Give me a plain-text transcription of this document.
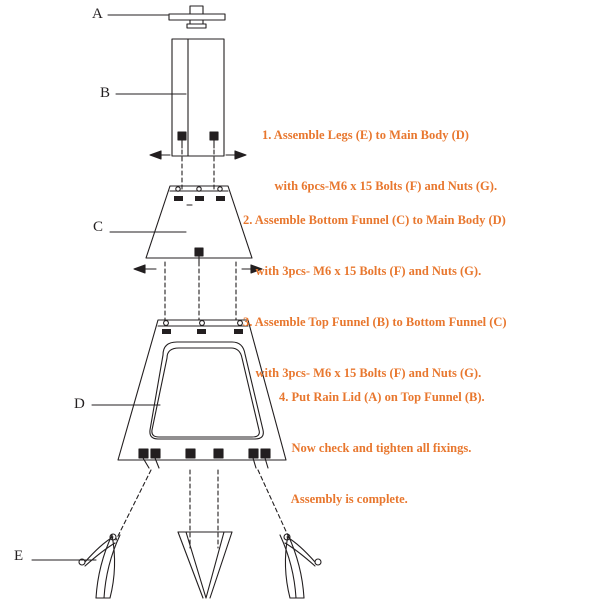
1. Assemble Legs (E) to Main Body (D)

with 6pcs-M6 x 15 Bolts (F) and Nuts (G).

2. Assemble Bottom Funnel (C) to Main Body (D)

with 3pcs- M6 x 15 Bolts (F) and Nuts (G).

3. Assemble Top Funnel (B) to Bottom Funnel (C)

with 3pcs- M6 x 15 Bolts (F) and Nuts (G).

4. Put Rain Lid (A) on Top Funnel (B).

Now check and tighten all fixings.

Assembly is complete.

A
B
C
D
E
